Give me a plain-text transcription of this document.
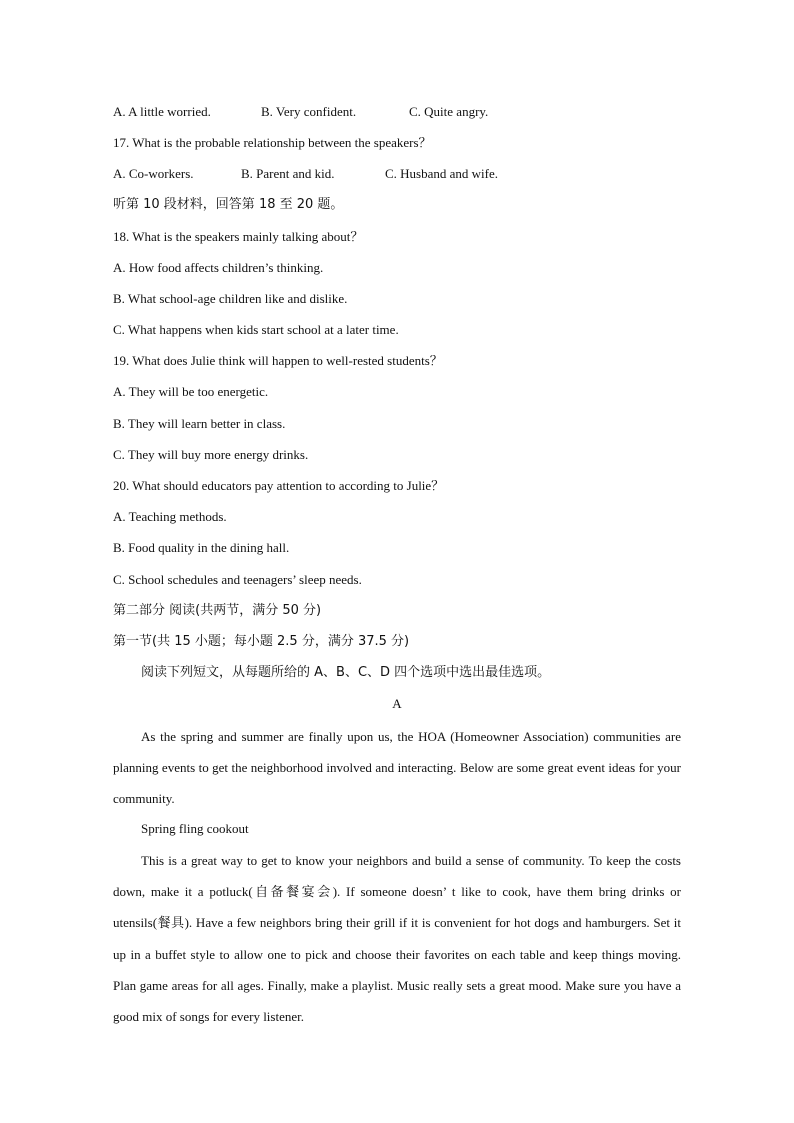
A. A little worried.	B. Very confident.	C. Quite angry.
17. What is the probable relationship between the speakers？
A. Co-workers.	B. Parent and kid.	C. Husband and wife.
听第 10 段材料，回答第 18 至 20 题。
18. What is the speakers mainly talking about？
A. How food affects children’s thinking.
B. What school-age children like and dislike.
C. What happens when kids start school at a later time.
19. What does Julie think will happen to well-rested students？
A. They will be too energetic.
B. They will learn better in class.
C. They will buy more energy drinks.
20. What should educators pay attention to according to Julie？
A. Teaching methods.
B. Food quality in the dining hall.
C. School schedules and teenagers’ sleep needs.
第二部分 阅读(共两节，满分 50 分)
第一节(共 15 小题；每小题 2.5 分，满分 37.5 分)
阅读下列短文，从每题所给的 A、B、C、D 四个选项中选出最佳选项。
A
As the spring and summer are finally upon us, the HOA (Homeowner Association) communities are planning events to get the neighborhood involved and interacting. Below are some great event ideas for your community.
Spring fling cookout
This is a great way to get to know your neighbors and build a sense of community. To keep the costs down, make it a potluck(自备餐宴会). If someone doesn’ t like to cook, have them bring drinks or utensils(餐具). Have a few neighbors bring their grill if it is convenient for hot dogs and hamburgers. Set it up in a buffet style to allow one to pick and choose their favorites on each table and keep things moving. Plan game areas for all ages. Finally, make a playlist. Music really sets a great mood. Make sure you have a good mix of songs for every listener.
